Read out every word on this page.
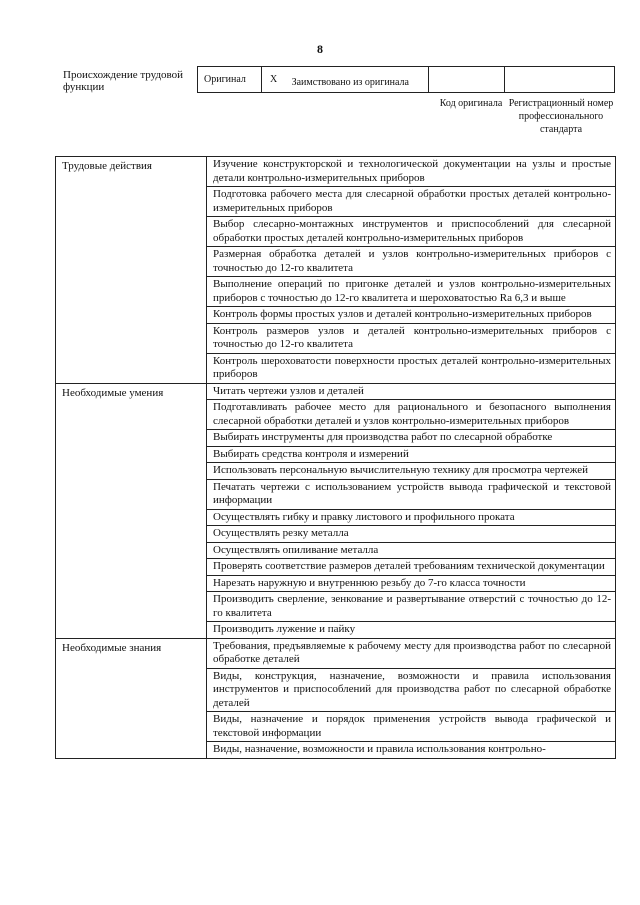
8
Происхождение трудовой функции
Оригинал	X	Заимствовано из оригинала
Код оригинала Регистрационный номер профессионального стандарта
Трудовые действия	Изучение конструкторской и технологической документации на узлы и простые детали контрольно-измерительных приборов
	Подготовка рабочего места для слесарной обработки простых деталей контрольно-измерительных приборов
	Выбор слесарно-монтажных инструментов и приспособлений для слесарной обработки простых деталей контрольно-измерительных приборов
	Размерная обработка деталей и узлов контрольно-измерительных приборов с точностью до 12-го квалитета
	Выполнение операций по пригонке деталей и узлов контрольно-измерительных приборов с точностью до 12-го квалитета и шероховатостью Ra 6,3 и выше
	Контроль формы простых узлов и деталей контрольно-измерительных приборов
	Контроль размеров узлов и деталей контрольно-измерительных приборов с точностью до 12-го квалитета
	Контроль шероховатости поверхности простых деталей контрольно-измерительных приборов
Необходимые умения	Читать чертежи узлов и деталей
	Подготавливать рабочее место для рационального и безопасного выполнения слесарной обработки деталей и узлов контрольно-измерительных приборов
	Выбирать инструменты для производства работ по слесарной обработке
	Выбирать средства контроля и измерений
	Использовать персональную вычислительную технику для просмотра чертежей
	Печатать чертежи с использованием устройств вывода графической и текстовой информации
	Осуществлять гибку и правку листового и профильного проката
	Осуществлять резку металла
	Осуществлять опиливание металла
	Проверять соответствие размеров деталей требованиям технической документации
	Нарезать наружную и внутреннюю резьбу до 7-го класса точности
	Производить сверление, зенкование и развертывание отверстий с точностью до 12-го квалитета
	Производить лужение и пайку
Необходимые знания	Требования, предъявляемые к рабочему месту для производства работ по слесарной обработке деталей
	Виды, конструкция, назначение, возможности и правила использования инструментов и приспособлений для производства работ по слесарной обработке деталей
	Виды, назначение и порядок применения устройств вывода графической и текстовой информации
	Виды, назначение, возможности и правила использования контрольно-
